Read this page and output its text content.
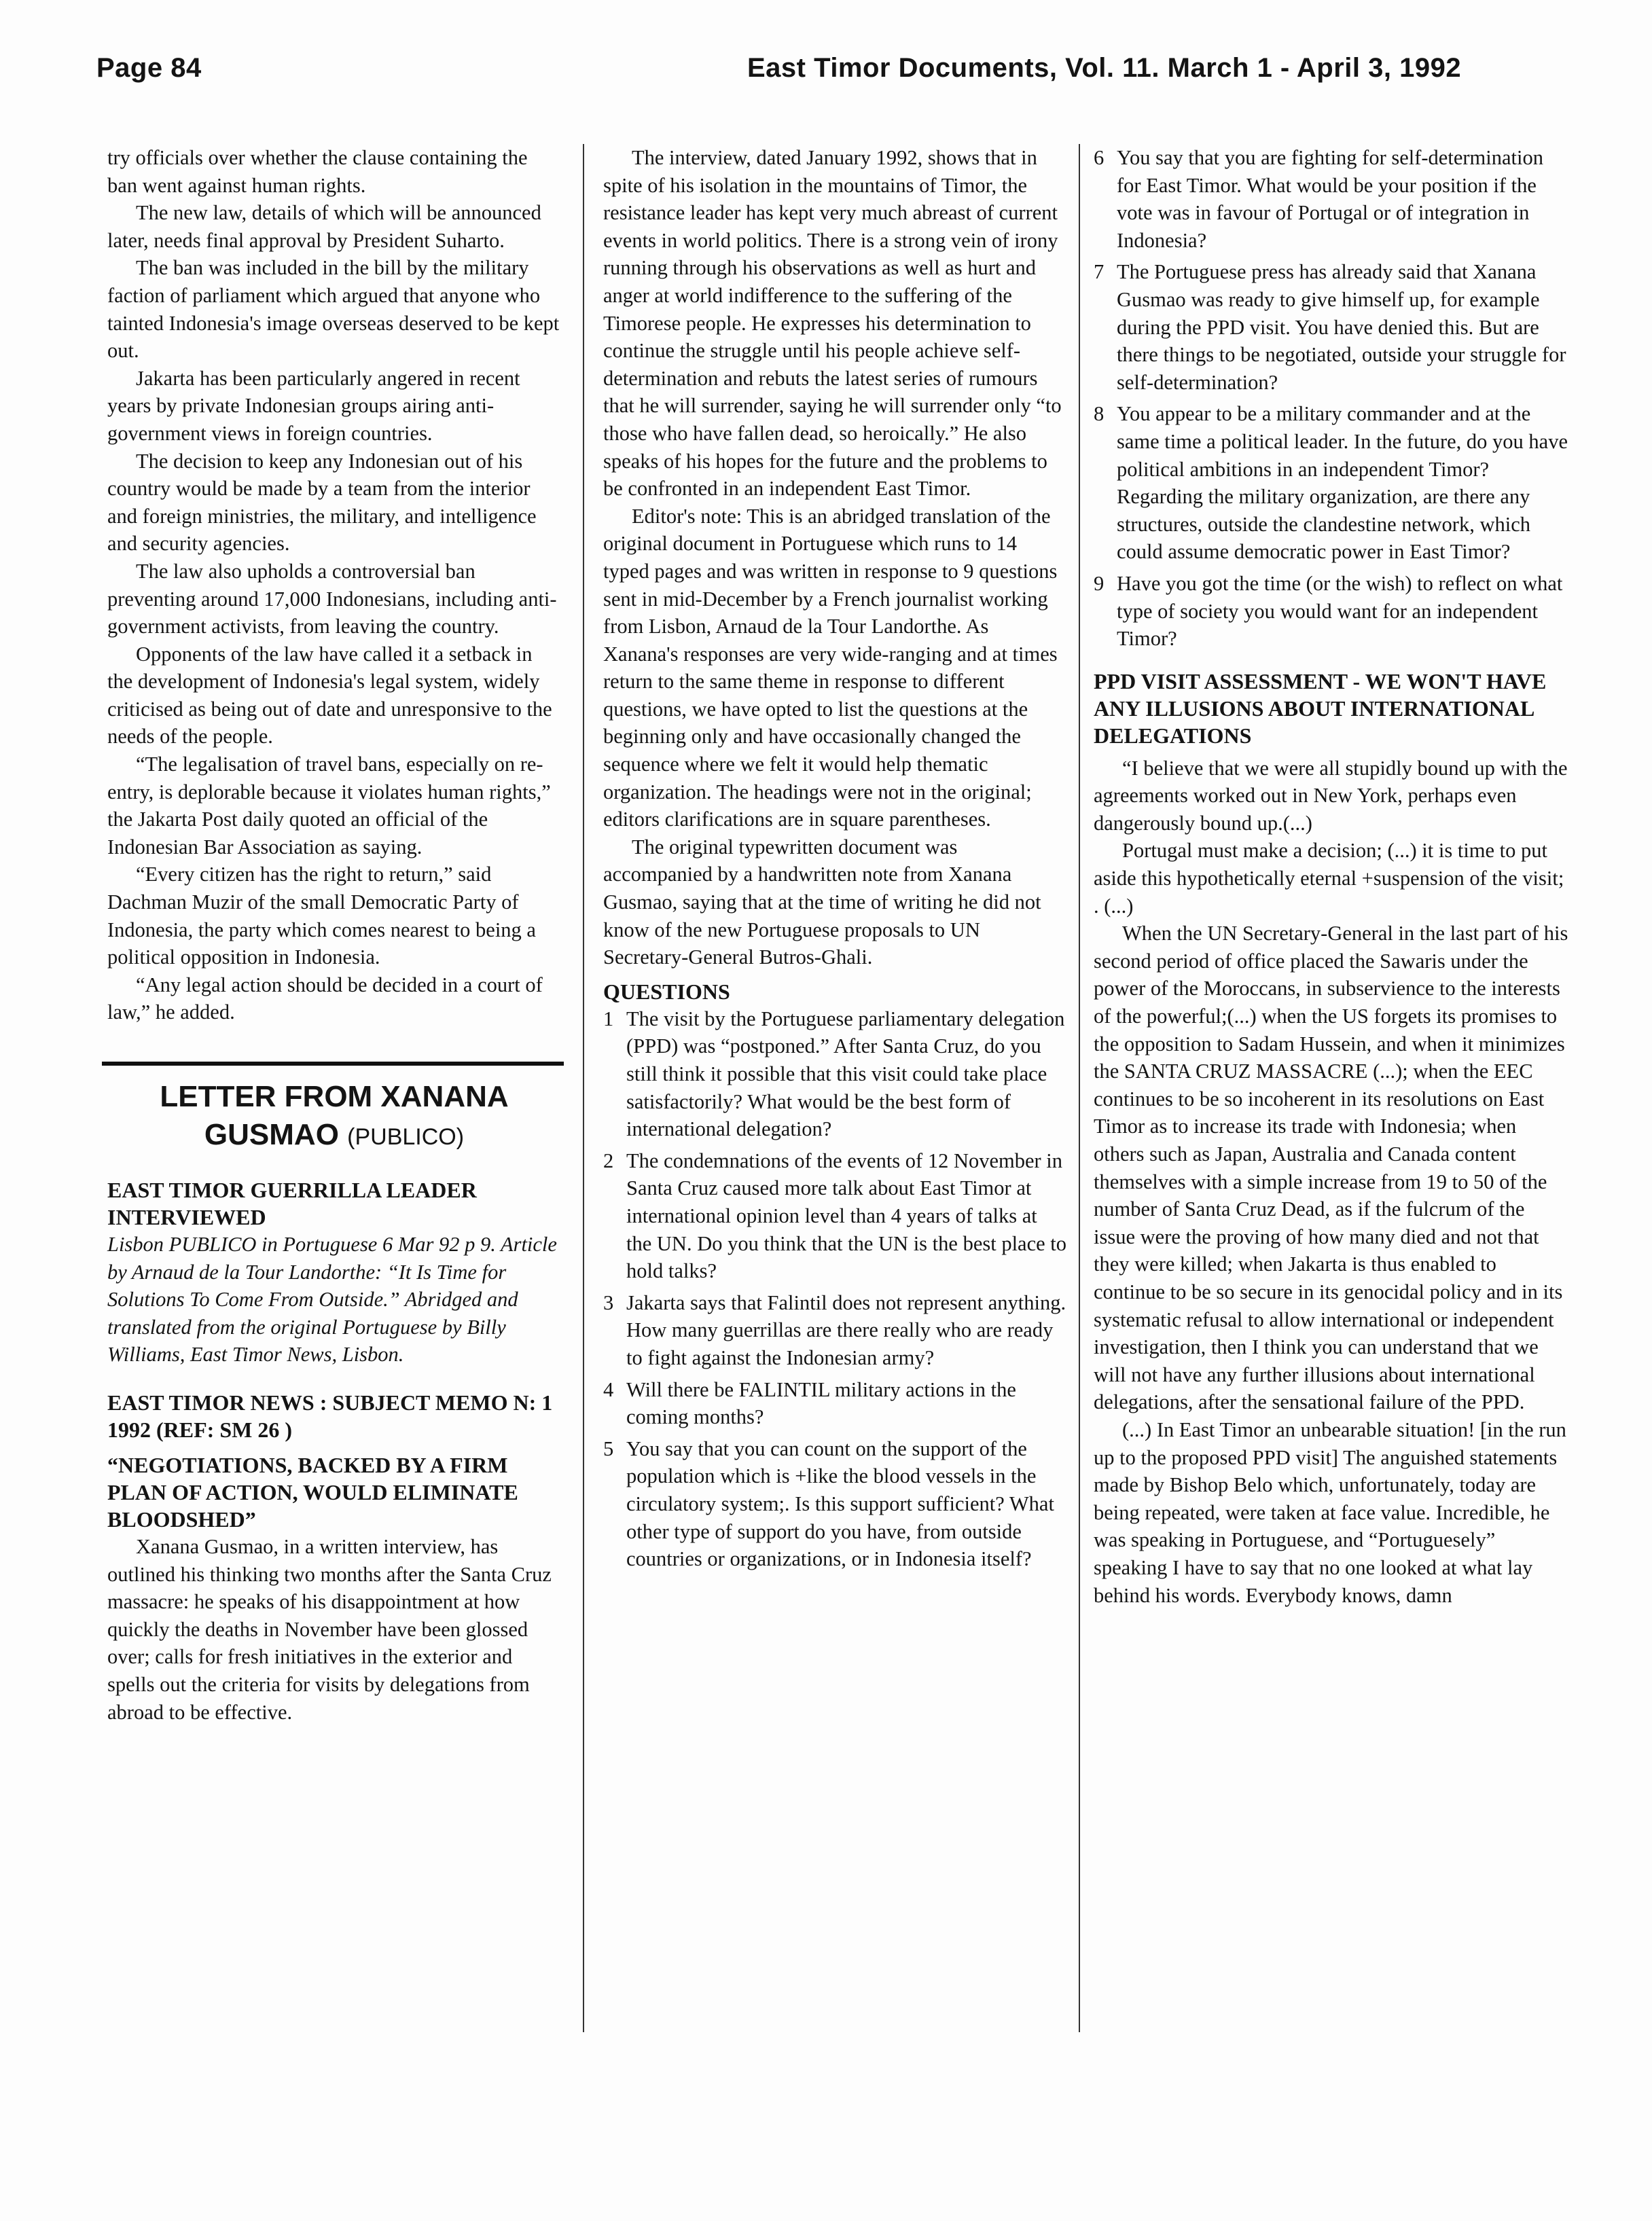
Page 84	East Timor Documents, Vol. 11. March 1 - April 3, 1992

try officials over whether the clause containing the ban went against human rights.

The new law, details of which will be announced later, needs final approval by President Suharto.

The ban was included in the bill by the military faction of parliament which argued that anyone who tainted Indonesia's image overseas deserved to be kept out.

Jakarta has been particularly angered in recent years by private Indonesian groups airing anti-government views in foreign countries.

The decision to keep any Indonesian out of his country would be made by a team from the interior and foreign ministries, the military, and intelligence and security agencies.

The law also upholds a controversial ban preventing around 17,000 Indonesians, including anti-government activists, from leaving the country.

Opponents of the law have called it a setback in the development of Indonesia's legal system, widely criticised as being out of date and unresponsive to the needs of the people.

“The legalisation of travel bans, especially on re-entry, is deplorable because it violates human rights,” the Jakarta Post daily quoted an official of the Indonesian Bar Association as saying.

“Every citizen has the right to return,” said Dachman Muzir of the small Democratic Party of Indonesia, the party which comes nearest to being a political opposition in Indonesia.

“Any legal action should be decided in a court of law,” he added.

LETTER FROM XANANA GUSMAO (PUBLICO)
EAST TIMOR GUERRILLA LEADER INTERVIEWED

Lisbon PUBLICO in Portuguese 6 Mar 92 p 9. Article by Arnaud de la Tour Landorthe: “It Is Time for Solutions To Come From Outside.” Abridged and translated from the original Portuguese by Billy Williams, East Timor News, Lisbon.

EAST TIMOR NEWS : SUBJECT MEMO N: 1 1992 (REF: SM 26 )
“NEGOTIATIONS, BACKED BY A FIRM PLAN OF ACTION, WOULD ELIMINATE BLOODSHED”

Xanana Gusmao, in a written interview, has outlined his thinking two months after the Santa Cruz massacre: he speaks of his disappointment at how quickly the deaths in November have been glossed over; calls for fresh initiatives in the exterior and spells out the criteria for visits by delegations from abroad to be effective.

The interview, dated January 1992, shows that in spite of his isolation in the mountains of Timor, the resistance leader has kept very much abreast of current events in world politics. There is a strong vein of irony running through his observations as well as hurt and anger at world indifference to the suffering of the Timorese people. He expresses his determination to continue the struggle until his people achieve self-determination and rebuts the latest series of rumours that he will surrender, saying he will surrender only “to those who have fallen dead, so heroically.” He also speaks of his hopes for the future and the problems to be confronted in an independent East Timor.

Editor's note: This is an abridged translation of the original document in Portuguese which runs to 14 typed pages and was written in response to 9 questions sent in mid-December by a French journalist working from Lisbon, Arnaud de la Tour Landorthe. As Xanana's responses are very wide-ranging and at times return to the same theme in response to different questions, we have opted to list the questions at the beginning only and have occasionally changed the sequence where we felt it would help thematic organization. The headings were not in the original; editors clarifications are in square parentheses.

The original typewritten document was accompanied by a handwritten note from Xanana Gusmao, saying that at the time of writing he did not know of the new Portuguese proposals to UN Secretary-General Butros-Ghali.

QUESTIONS
1 The visit by the Portuguese parliamentary delegation (PPD) was “postponed.” After Santa Cruz, do you still think it possible that this visit could take place satisfactorily? What would be the best form of international delegation?
2 The condemnations of the events of 12 November in Santa Cruz caused more talk about East Timor at international opinion level than 4 years of talks at the UN. Do you think that the UN is the best place to hold talks?
3 Jakarta says that Falintil does not represent anything. How many guerrillas are there really who are ready to fight against the Indonesian army?
4 Will there be FALINTIL military actions in the coming months?
5 You say that you can count on the support of the population which is +like the blood vessels in the circulatory system;. Is this support sufficient? What other type of support do you have, from outside countries or organizations, or in Indonesia itself?
6 You say that you are fighting for self-determination for East Timor. What would be your position if the vote was in favour of Portugal or of integration in Indonesia?
7 The Portuguese press has already said that Xanana Gusmao was ready to give himself up, for example during the PPD visit. You have denied this. But are there things to be negotiated, outside your struggle for self-determination?
8 You appear to be a military commander and at the same time a political leader. In the future, do you have political ambitions in an independent Timor? Regarding the military organization, are there any structures, outside the clandestine network, which could assume democratic power in East Timor?
9 Have you got the time (or the wish) to reflect on what type of society you would want for an independent Timor?
PPD VISIT ASSESSMENT - WE WON'T HAVE ANY ILLUSIONS ABOUT INTERNATIONAL DELEGATIONS

“I believe that we were all stupidly bound up with the agreements worked out in New York, perhaps even dangerously bound up.(...)

Portugal must make a decision; (...) it is time to put aside this hypothetically eternal +suspension of the visit; . (...)

When the UN Secretary-General in the last part of his second period of office placed the Sawaris under the power of the Moroccans, in subservience to the interests of the powerful;(...) when the US forgets its promises to the opposition to Sadam Hussein, and when it minimizes the SANTA CRUZ MASSACRE (...); when the EEC continues to be so incoherent in its resolutions on East Timor as to increase its trade with Indonesia; when others such as Japan, Australia and Canada content themselves with a simple increase from 19 to 50 of the number of Santa Cruz Dead, as if the fulcrum of the issue were the proving of how many died and not that they were killed; when Jakarta is thus enabled to continue to be so secure in its genocidal policy and in its systematic refusal to allow international or independent investigation, then I think you can understand that we will not have any further illusions about international delegations, after the sensational failure of the PPD.

(...) In East Timor an unbearable situation! [in the run up to the proposed PPD visit] The anguished statements made by Bishop Belo which, unfortunately, today are being repeated, were taken at face value. Incredible, he was speaking in Portuguese, and “Portuguesely” speaking I have to say that no one looked at what lay behind his words. Everybody knows, damn
